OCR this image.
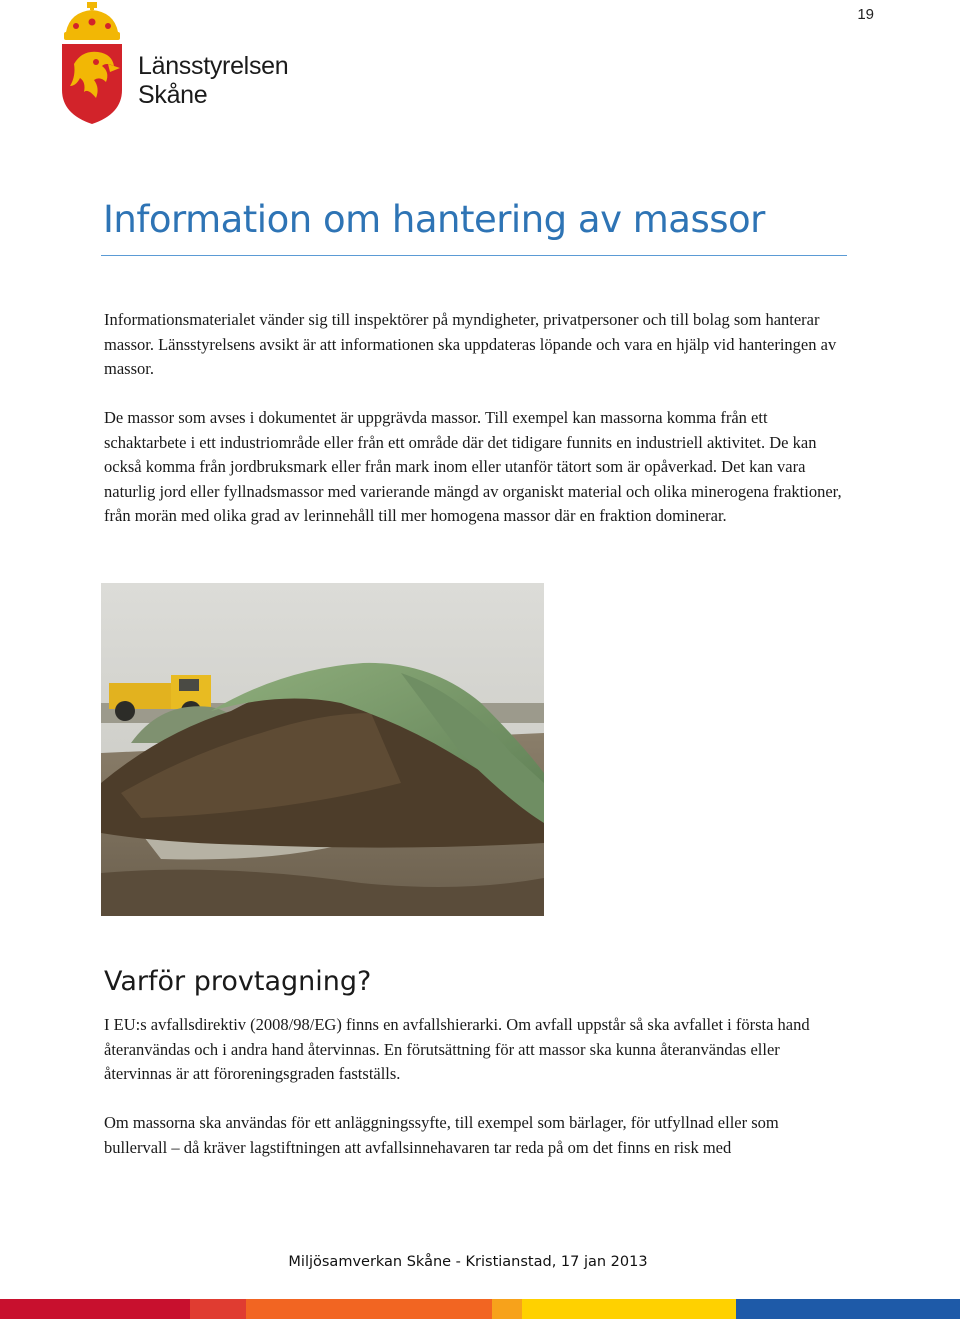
19
Länsstyrelsen
Skåne
Information om hantering av massor

Informationsmaterialet vänder sig till inspektörer på myndigheter, privatpersoner och till bolag som hanterar massor. Länsstyrelsens avsikt är att informationen ska uppdateras löpande och vara en hjälp vid hanteringen av massor.

De massor som avses i dokumentet är uppgrävda massor. Till exempel kan massorna komma från ett schaktarbete i ett industriområde eller från ett område där det tidigare funnits en industriell aktivitet. De kan också komma från jordbruksmark eller från mark inom eller utanför tätort som är opåverkad. Det kan vara naturlig jord eller fyllnadsmassor med varierande mängd av organiskt material och olika minerogena fraktioner, från morän med olika grad av lerinnehåll till mer homogena massor där en fraktion dominerar.

Varför provtagning?

I EU:s avfallsdirektiv (2008/98/EG) finns en avfallshierarki. Om avfall uppstår så ska avfallet i första hand återanvändas och i andra hand återvinnas. En förutsättning för att massor ska kunna återanvändas eller återvinnas är att föroreningsgraden fastställs.

Om massorna ska användas för ett anläggningssyfte, till exempel som bärlager, för utfyllnad eller som bullervall – då kräver lagstiftningen att avfallsinnehavaren tar reda på om det finns en risk med

Miljösamverkan Skåne - Kristianstad, 17 jan 2013
